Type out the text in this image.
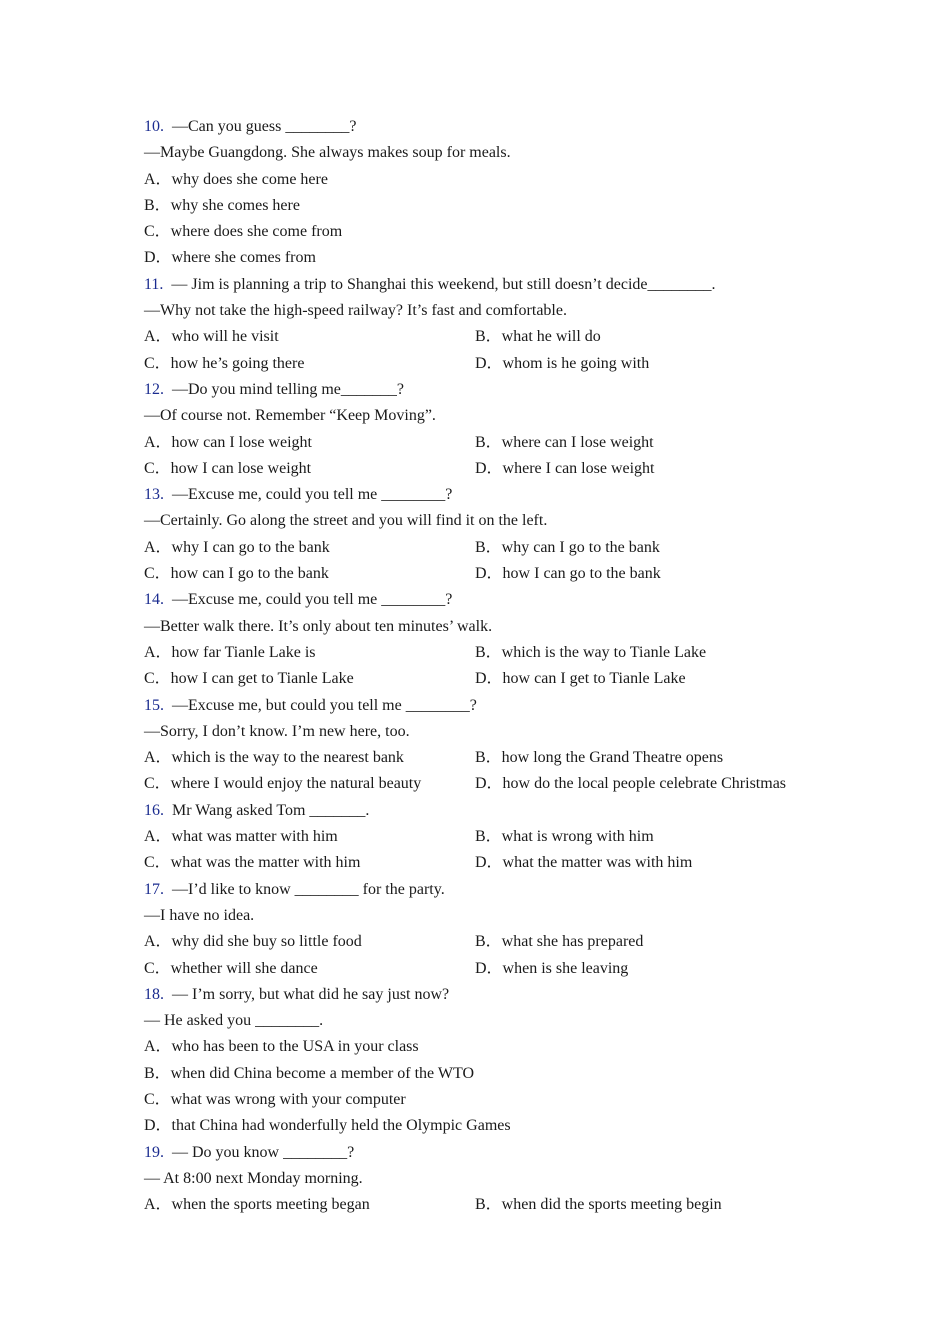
10. —Can you guess ________?
—Maybe Guangdong. She always makes soup for meals.
A．why does she come here
B．why she comes here
C．where does she come from
D．where she comes from
11. — Jim is planning a trip to Shanghai this weekend, but still doesn’t decide________.
—Why not take the high-speed railway? It’s fast and comfortable.
A．who will he visit	B．what he will do
C．how he’s going there	D．whom is he going with
12. —Do you mind telling me_______?
—Of course not. Remember “Keep Moving”.
A．how can I lose weight	B．where can I lose weight
C．how I can lose weight	D．where I can lose weight
13. —Excuse me, could you tell me ________?
—Certainly. Go along the street and you will find it on the left.
A．why I can go to the bank	B．why can I go to the bank
C．how can I go to the bank	D．how I can go to the bank
14. —Excuse me, could you tell me ________?
—Better walk there. It’s only about ten minutes’ walk.
A．how far Tianle Lake is	B．which is the way to Tianle Lake
C．how I can get to Tianle Lake	D．how can I get to Tianle Lake
15. —Excuse me, but could you tell me ________?
—Sorry, I don’t know. I’m new here, too.
A．which is the way to the nearest bank	B．how long the Grand Theatre opens
C．where I would enjoy the natural beauty	D．how do the local people celebrate Christmas
16. Mr Wang asked Tom _______.
A．what was matter with him	B．what is wrong with him
C．what was the matter with him	D．what the matter was with him
17. —I’d like to know ________ for the party.
—I have no idea.
A．why did she buy so little food	B．what she has prepared
C．whether will she dance	D．when is she leaving
18. — I’m sorry, but what did he say just now?
— He asked you ________.
A．who has been to the USA in your class
B．when did China become a member of the WTO
C．what was wrong with your computer
D．that China had wonderfully held the Olympic Games
19. — Do you know ________?
— At 8:00 next Monday morning.
A．when the sports meeting began	B．when did the sports meeting begin
